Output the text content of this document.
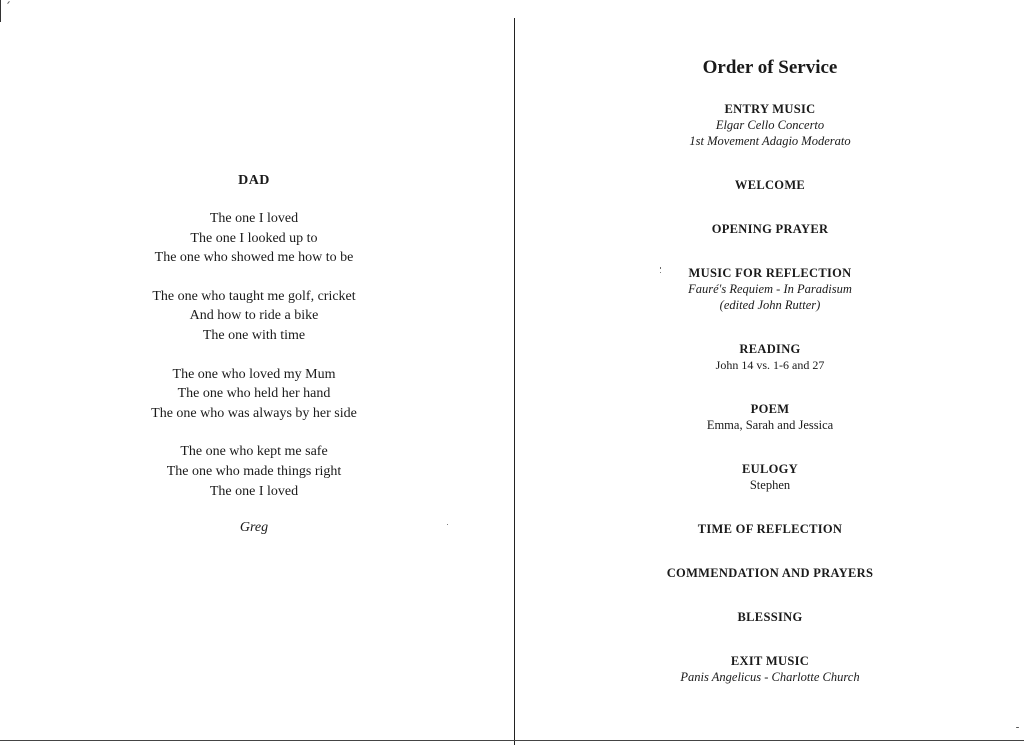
DAD
The one I loved
The one I looked up to
The one who showed me how to be
The one who taught me golf, cricket
And how to ride a bike
The one with time
The one who loved my Mum
The one who held her hand
The one who was always by her side
The one who kept me safe
The one who made things right
The one I loved
Greg
Order of Service
ENTRY MUSIC
Elgar Cello Concerto
1st Movement Adagio Moderato
WELCOME
OPENING PRAYER
MUSIC FOR REFLECTION
Fauré's Requiem - In Paradisum
(edited John Rutter)
READING
John 14 vs. 1-6 and 27
POEM
Emma, Sarah and Jessica
EULOGY
Stephen
TIME OF REFLECTION
COMMENDATION AND PRAYERS
BLESSING
EXIT MUSIC
Panis Angelicus - Charlotte Church
